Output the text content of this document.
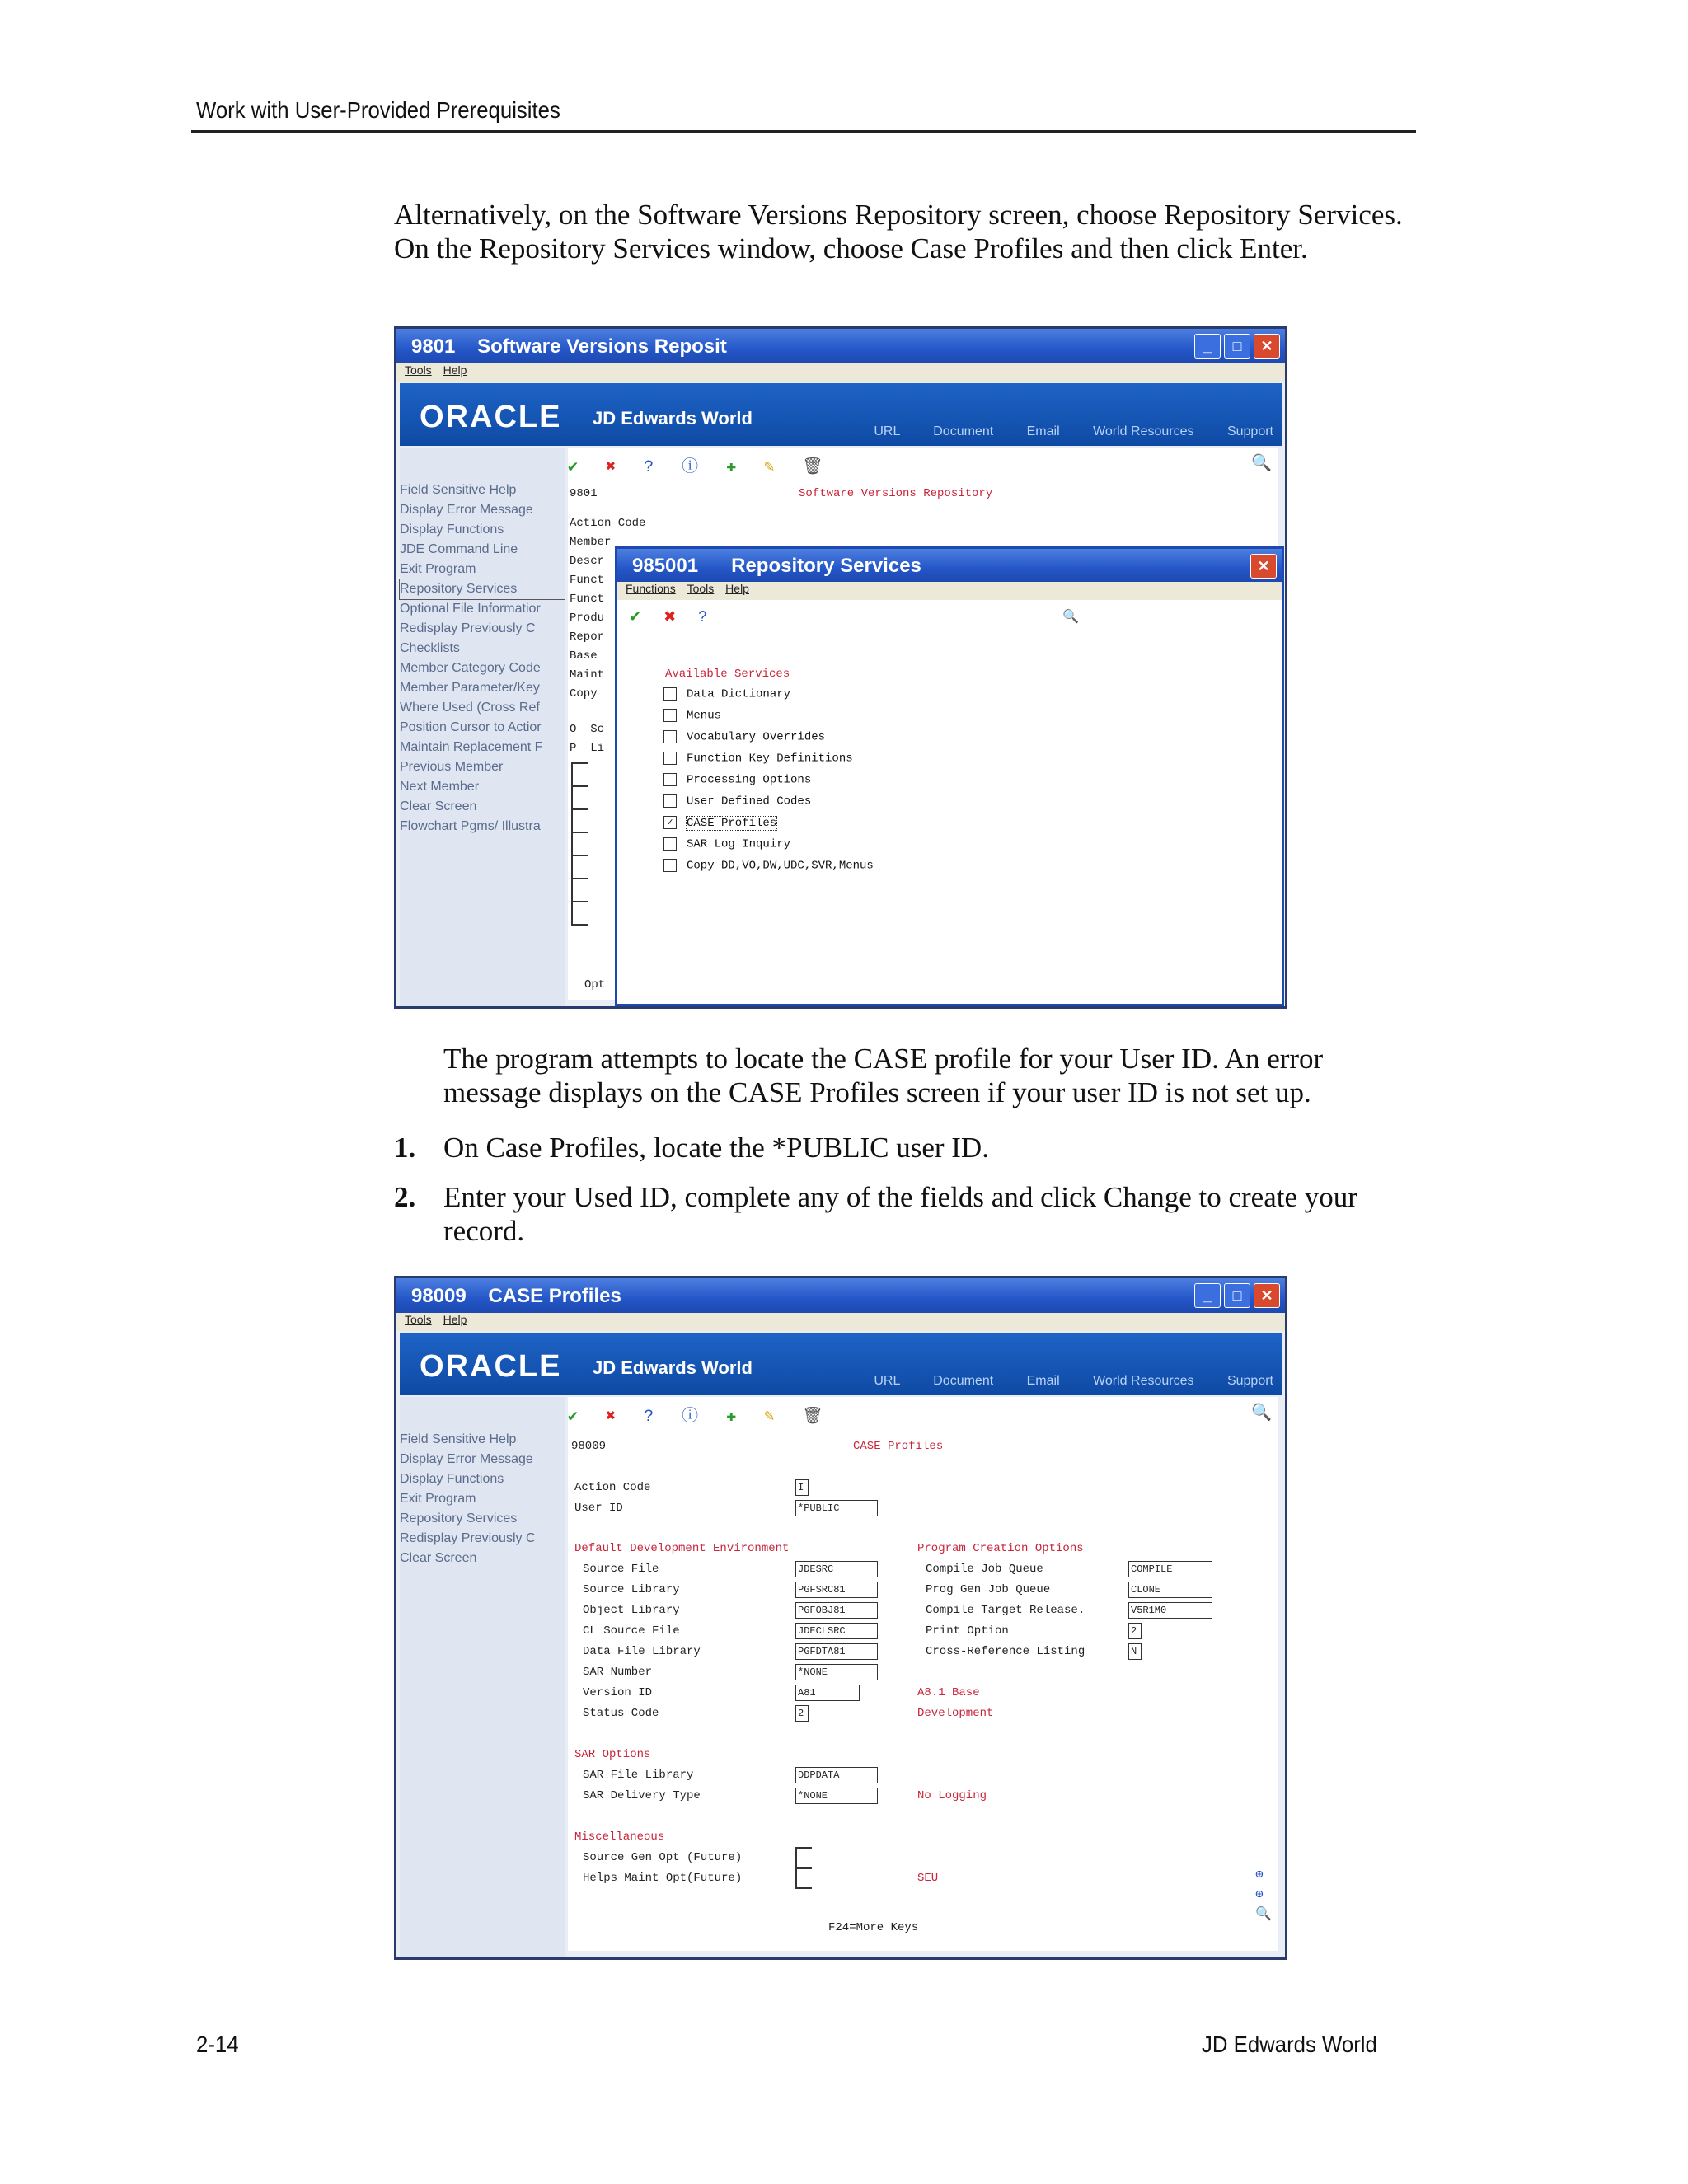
Work with User-Provided Prerequisites
Alternatively, on the Software Versions Repository screen, choose Repository Services. On the Repository Services window, choose Case Profiles and then click Enter.
9801 Software Versions Reposit	_	□	✕
Tools Help
ORACLE JD Edwards World
URL	Document	Email	World Resources	Support
Field Sensitive Help
Display Error Message
Display Functions
JDE Command Line
Exit Program
Repository Services
Optional File Informatior
Redisplay Previously C
Checklists
Member Category Code
Member Parameter/Key
Where Used (Cross Ref
Position Cursor to Actior
Maintain Replacement F
Previous Member
Next Member
Clear Screen
Flowchart Pgms/ Illustra
✔ ✖ ? ⓘ ✚ ✎ 🗑	🔍
9801	Software Versions Repository
Action Code
Member
Descr
Funct
Funct
Produ
Repor
Base
Maint
Copy
O  Sc
P  Li
Opt
985001 Repository Services	✕
Functions Tools Help
✔ ✖ ?	🔍
Available Services
Data Dictionary
Menus
Vocabulary Overrides
Function Key Definitions
Processing Options
User Defined Codes
✓ CASE Profiles
SAR Log Inquiry
Copy DD,VO,DW,UDC,SVR,Menus
The program attempts to locate the CASE profile for your User ID. An error message displays on the CASE Profiles screen if your user ID is not set up.
1. On Case Profiles, locate the *PUBLIC user ID.
2. Enter your Used ID, complete any of the fields and click Change to create your record.
98009 CASE Profiles	_	□	✕
Tools Help
ORACLE JD Edwards World
URL	Document	Email	World Resources	Support
Field Sensitive Help
Display Error Message
Display Functions
Exit Program
Repository Services
Redisplay Previously C
Clear Screen
✔ ✖ ? ⓘ ✚ ✎ 🗑	🔍
98009	CASE Profiles
Action Code	I
User ID	*PUBLIC
Default Development Environment
Source File	JDESRC
Source Library	PGFSRC81
Object Library	PGFOBJ81
CL Source File	JDECLSRC
Data File Library	PGFDTA81
SAR Number	*NONE
Version ID	A81	A8.1 Base
Status Code	2	Development
Program Creation Options
Compile Job Queue	COMPILE
Prog Gen Job Queue	CLONE
Compile Target Release.	V5R1M0
Print Option	2
Cross-Reference Listing	N
SAR Options
SAR File Library	DDPDATA
SAR Delivery Type	*NONE	No Logging
Miscellaneous
Source Gen Opt (Future)
Helps Maint Opt(Future)	SEU
F24=More Keys
⊕
⊕
🔍
2-14	JD Edwards World
